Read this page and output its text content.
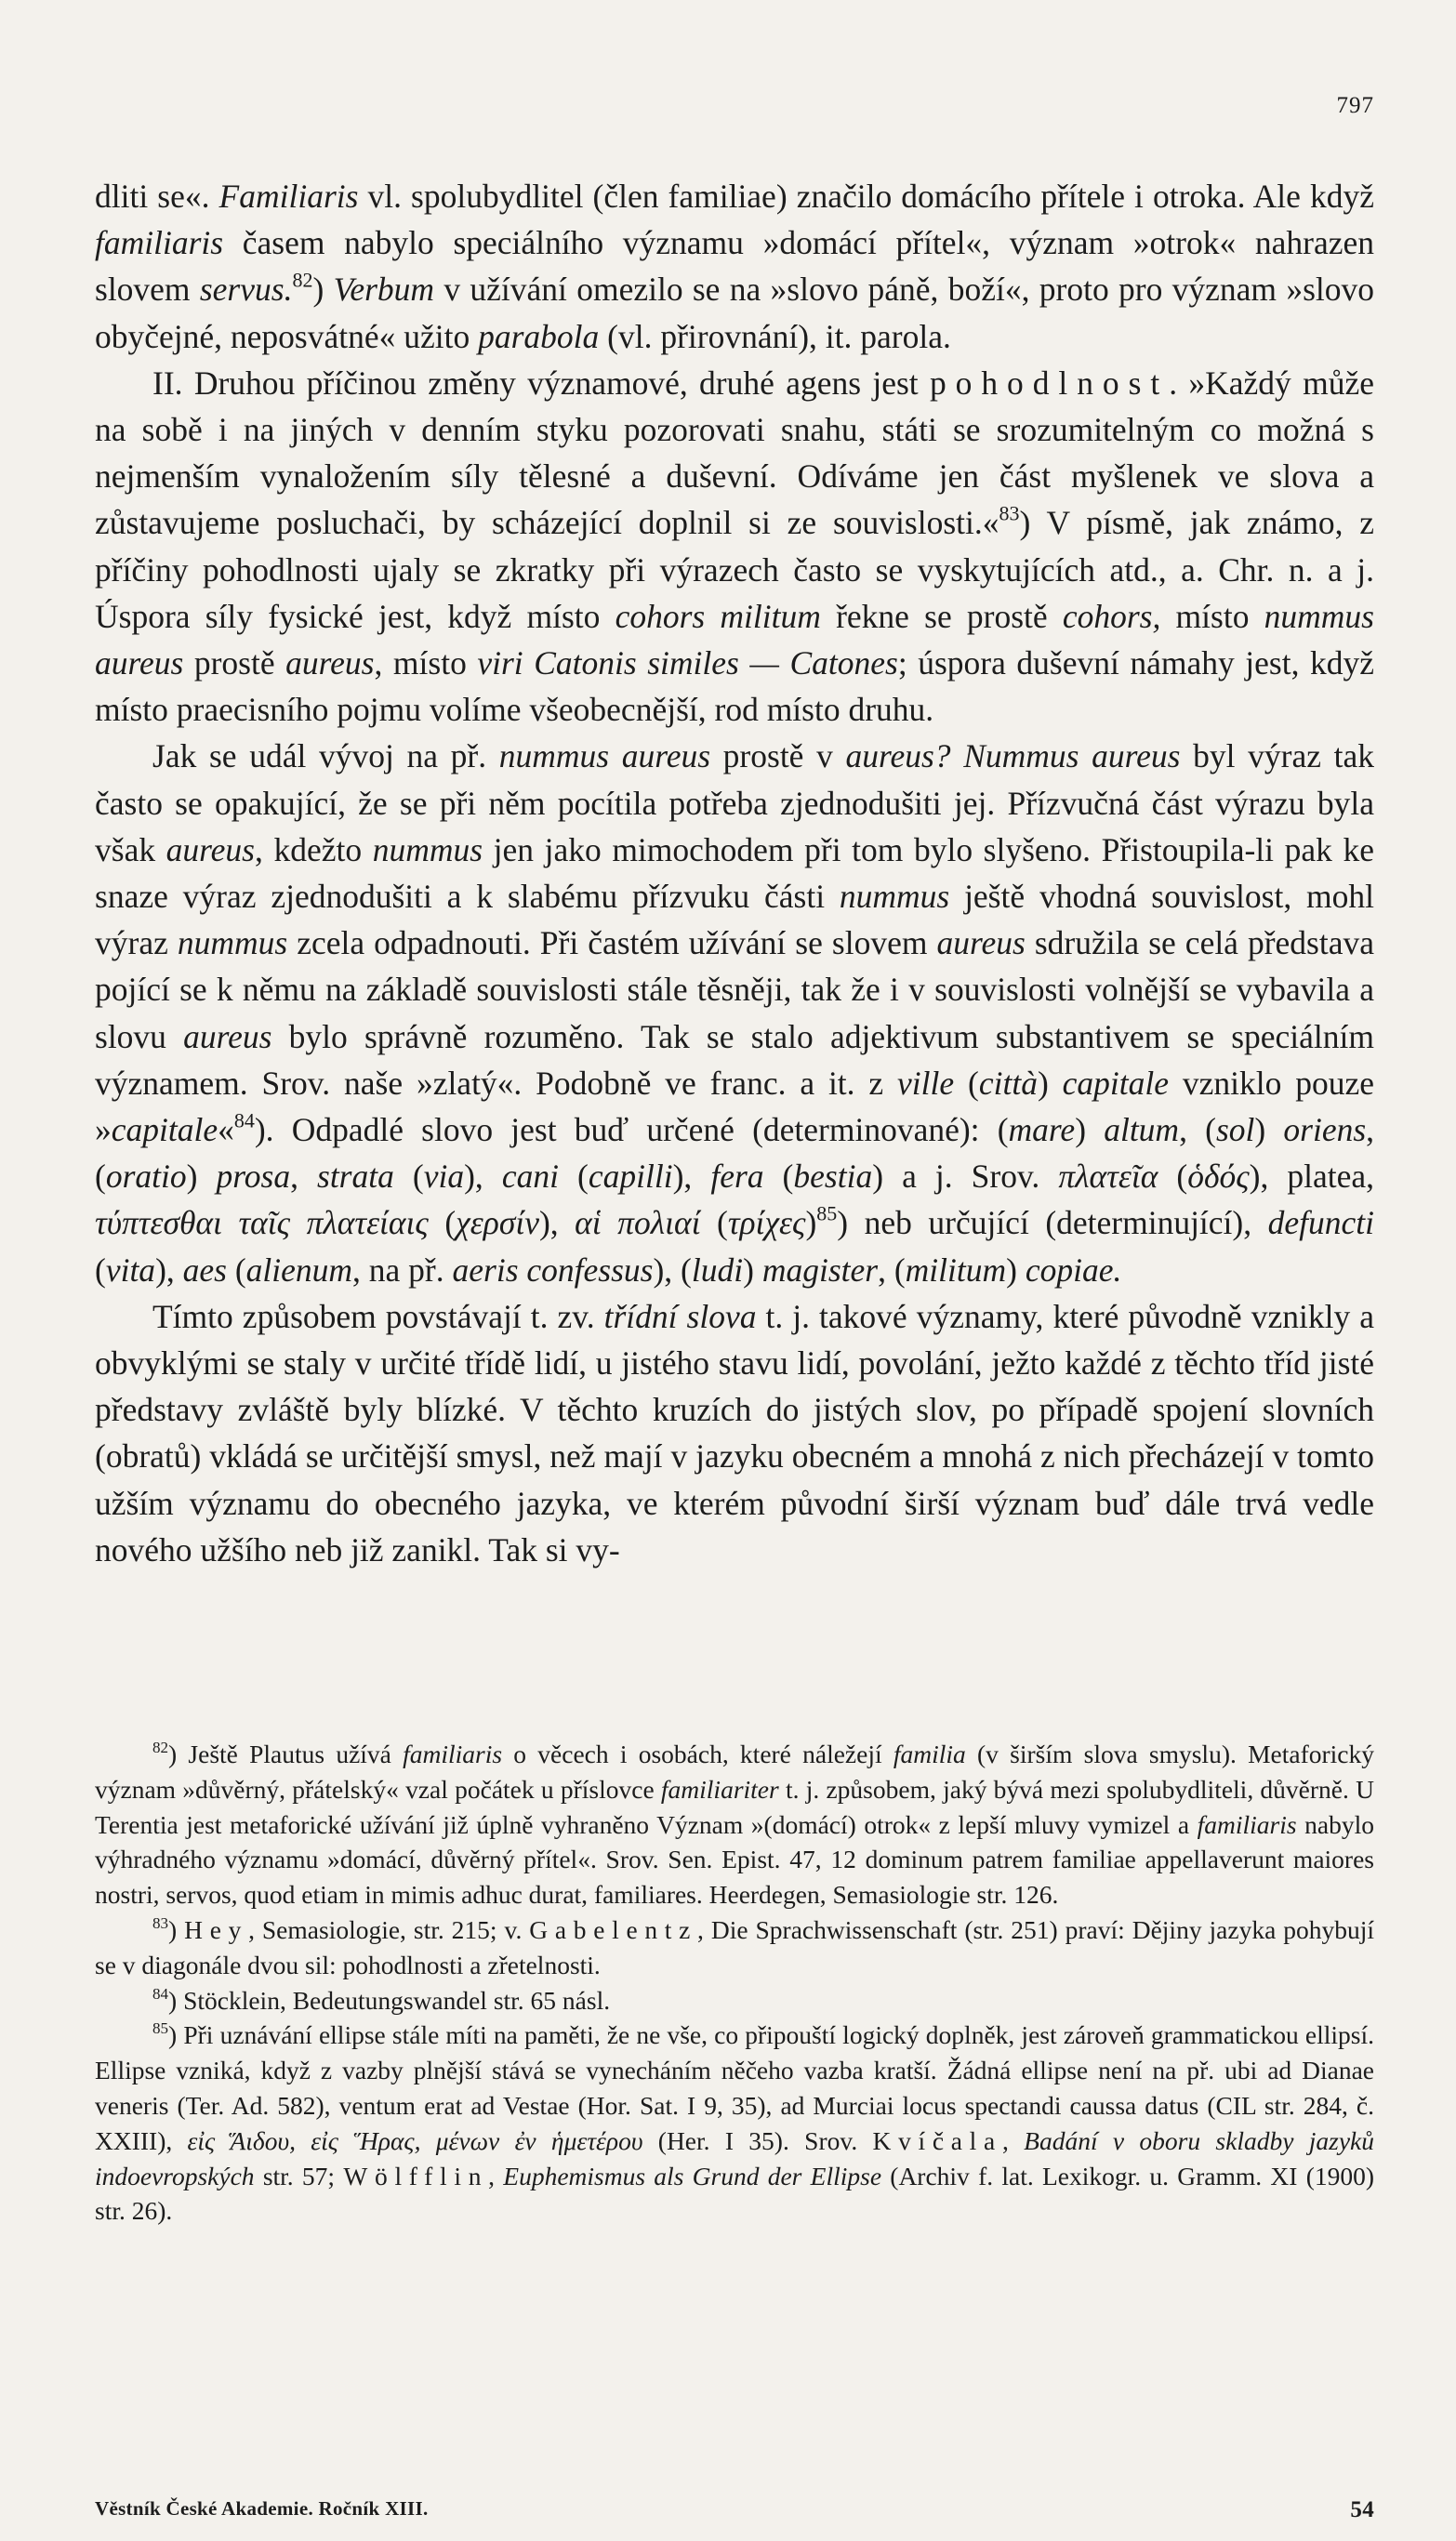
797

dliti se«. Familiaris vl. spolubydlitel (člen familiae) značilo domácího přítele i otroka. Ale když familiaris časem nabylo speciálního významu »domácí přítel«, význam »otrok« nahrazen slovem servus.$^{82}$) Verbum v užívání omezilo se na »slovo páně, boží«, proto pro význam »slovo obyčejné, neposvátné« užito parabola (vl. přirovnání), it. parola.

II. Druhou příčinou změny významové, druhé agens jest pohodlnost. »Každý může na sobě i na jiných v denním styku pozorovati snahu, státi se srozumitelným co možná s nejmenším vynaložením síly tělesné a duševní. Odíváme jen část myšlenek ve slova a zůstavujeme posluchači, by scházející doplnil si ze souvislosti.«$^{83}$) V písmě, jak známo, z příčiny pohodlnosti ujaly se zkratky při výrazech často se vyskytujících atd., a. Chr. n. a j. Úspora síly fysické jest, když místo cohors militum řekne se prostě cohors, místo nummus aureus prostě aureus, místo viri Catonis similes — Catones; úspora duševní námahy jest, když místo praecisního pojmu volíme všeobecnější, rod místo druhu.

Jak se udál vývoj na př. nummus aureus prostě v aureus? Nummus aureus byl výraz tak často se opakující, že se při něm pocítila potřeba zjednodušiti jej. Přízvučná část výrazu byla však aureus, kdežto nummus jen jako mimochodem při tom bylo slyšeno. Přistoupila-li pak ke snaze výraz zjednodušiti a k slabému přízvuku části nummus ještě vhodná souvislost, mohl výraz nummus zcela odpadnouti. Při častém užívání se slovem aureus sdružila se celá představa pojící se k němu na základě souvislosti stále těsněji, tak že i v souvislosti volnější se vybavila a slovu aureus bylo správně rozuměno. Tak se stalo adjektivum substantivem se speciálním významem. Srov. naše »zlatý«. Podobně ve franc. a it. z ville (città) capitale vzniklo pouze »capitale«$^{84}$). Odpadlé slovo jest buď určené (determinované): (mare) altum, (sol) oriens, (oratio) prosa, strata (via), cani (capilli), fera (bestia) a j. Srov. πλατεῖα (ὁδός), platea, τύπτεσθαι ταῖς πλατείαις (χερσίν), αἱ πολιαί $(\tau\rho ί\chi\varepsilon\varsigma)^{85}$) neb určující (determinující), defuncti (vita), aes (alienum, na př. aeris confessus), (ludi) magister, (militum) copiae.

Tímto způsobem povstávají t. zv. třídní slova t. j. takové významy, které původně vznikly a obvyklými se staly v určité třídě lidí, u jistého stavu lidí, povolání, ježto každé z těchto tříd jisté představy zvláště byly blízké. V těchto kruzích do jistých slov, po případě spojení slovních (obratů) vkládá se určitější smysl, než mají v jazyku obecném a mnohá z nich přecházejí v tomto užším významu do obecného jazyka, ve kterém původní širší význam buď dále trvá vedle nového užšího neb již zanikl. Tak si vy-

$^{82}$) Ještě Plautus užívá familiaris o věcech i osobách, které náležejí familia (v širším slova smyslu). Metaforický význam »důvěrný, přátelský« vzal počátek u příslovce familiariter t. j. způsobem, jaký bývá mezi spolubydliteli, důvěrně. U Terentia jest metaforické užívání již úplně vyhraněno Význam »(domácí) otrok« z lepší mluvy vymizel a familiaris nabylo výhradného významu »domácí, důvěrný přítel«. Srov. Sen. Epist. 47, 12 dominum patrem familiae appellaverunt maiores nostri, servos, quod etiam in mimis adhuc durat, familiares. Heerdegen, Semasiologie str. 126.

$^{83}$) Hey, Semasiologie, str. 215; v. Gabelentz, Die Sprachwissenschaft (str. 251) praví: Dějiny jazyka pohybují se v diagonále dvou sil: pohodlnosti a zřetelnosti.

$^{84}$) Stöcklein, Bedeutungswandel str. 65 násl.

$^{85}$) Při uznávání ellipse stále míti na paměti, že ne vše, co připouští logický doplněk, jest zároveň grammatickou ellipsí. Ellipse vzniká, když z vazby plnější stává se vynecháním něčeho vazba kratší. Žádná ellipse není na př. ubi ad Dianae veneris (Ter. Ad. 582), ventum erat ad Vestae (Hor. Sat. I 9, 35), ad Murciai locus spectandi caussa datus (CIL str. 284, č. XXIII), εἰς Ἅιδου, εἰς Ἥρας, μένων ἐν ἡμετέρου (Her. I 35). Srov. Kvíčala, Badání v oboru skladby jazyků indoevropských str. 57; Wölfflin, Euphemismus als Grund der Ellipse (Archiv f. lat. Lexikogr. u. Gramm. XI (1900) str. 26).

Věstník České Akademie. Ročník XIII.	54
